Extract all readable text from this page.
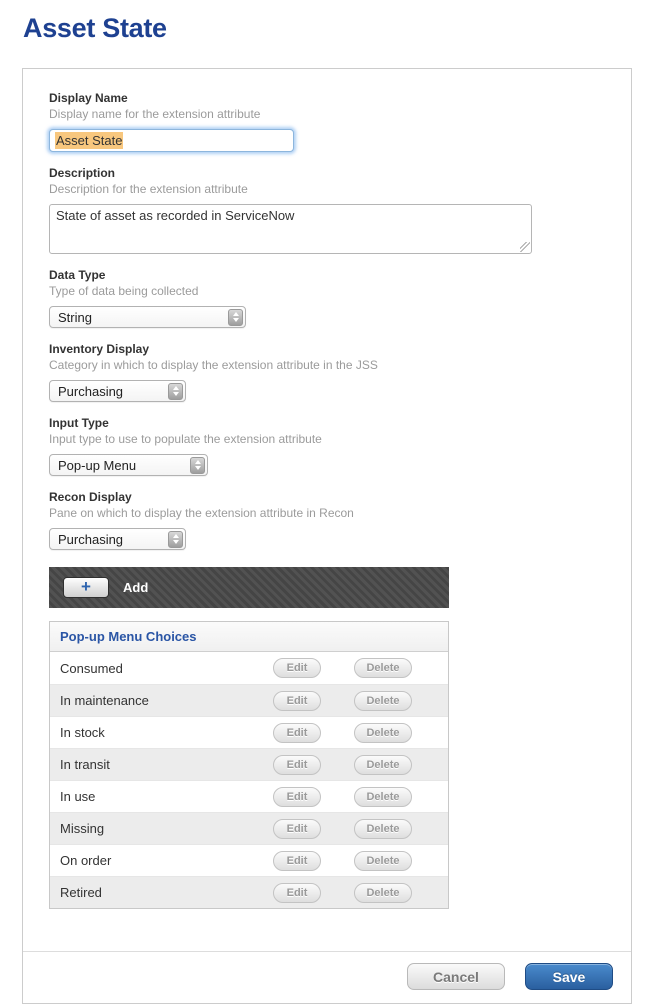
Asset State
Display Name
Display name for the extension attribute
Asset State
Description
Description for the extension attribute
State of asset as recorded in ServiceNow
Data Type
Type of data being collected
String
Inventory Display
Category in which to display the extension attribute in the JSS
Purchasing
Input Type
Input type to use to populate the extension attribute
Pop-up Menu
Recon Display
Pane on which to display the extension attribute in Recon
Purchasing
+ Add
Pop-up Menu Choices
Consumed	Edit	Delete
In maintenance	Edit	Delete
In stock	Edit	Delete
In transit	Edit	Delete
In use	Edit	Delete
Missing	Edit	Delete
On order	Edit	Delete
Retired	Edit	Delete
Cancel	Save
